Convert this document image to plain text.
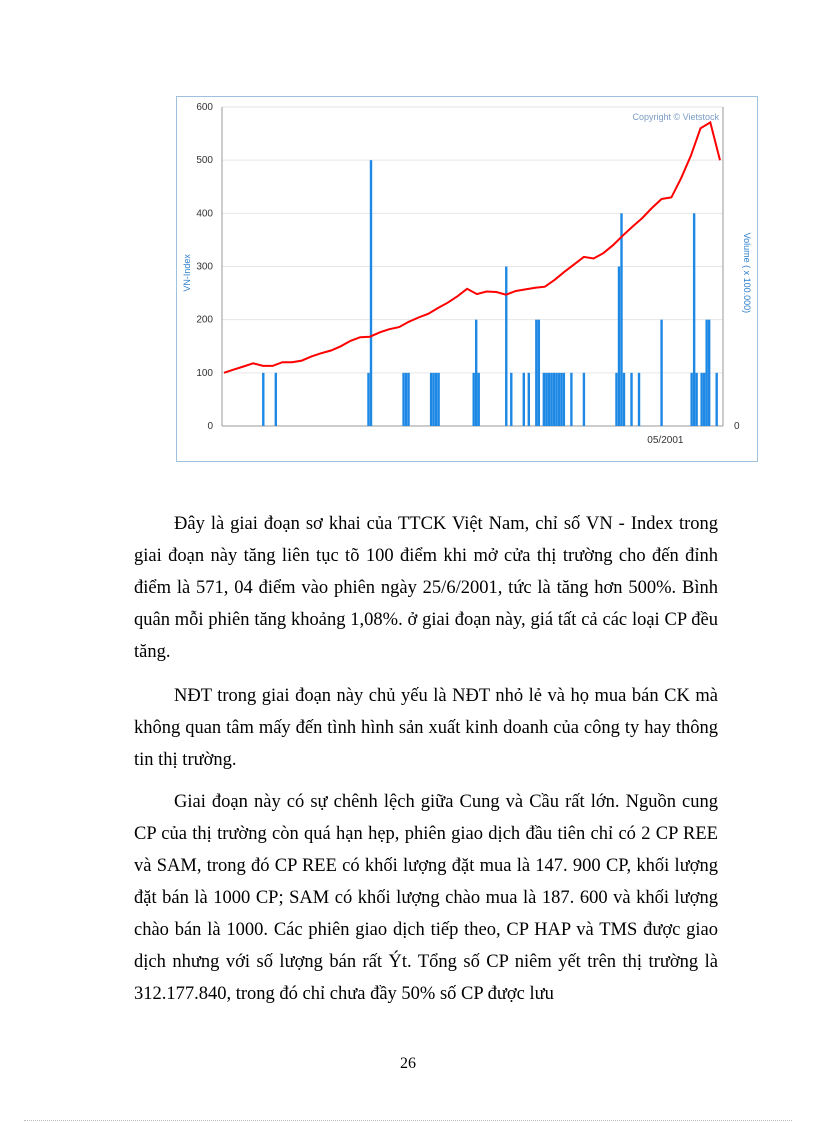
0
100
200
300
400
500
600
0
05/2001
VN-Index	Volume ( x 100.000)
Copyright © Vietstock

Đây là giai đoạn sơ khai của TTCK Việt Nam, chỉ số VN - Index trong giai đoạn này tăng liên tục tõ 100 điểm khi mở cửa thị trường cho đến đỉnh điểm là 571, 04 điểm vào phiên ngày 25/6/2001, tức là tăng hơn 500%. Bình quân mỗi phiên tăng khoảng 1,08%. ở giai đoạn này, giá tất cả các loại CP đều tăng.

NĐT trong giai đoạn này chủ yếu là NĐT nhỏ lẻ và họ mua bán CK mà không quan tâm mấy đến tình hình sản xuất kinh doanh của công ty hay thông tin thị trường.

Giai đoạn này có sự chênh lệch giữa Cung và Cầu rất lớn. Nguồn cung CP của thị trường còn quá hạn hẹp, phiên giao dịch đầu tiên chỉ có 2 CP REE và SAM, trong đó CP REE có khối lượng đặt mua là 147. 900 CP, khối lượng đặt bán là 1000 CP; SAM có khối lượng chào mua là 187. 600 và khối lượng chào bán là 1000. Các phiên giao dịch tiếp theo, CP HAP và TMS được giao dịch nhưng với số lượng bán rất Ýt. Tổng số CP niêm yết trên thị trường là 312.177.840, trong đó chỉ chưa đầy 50% số CP được lưu

26
